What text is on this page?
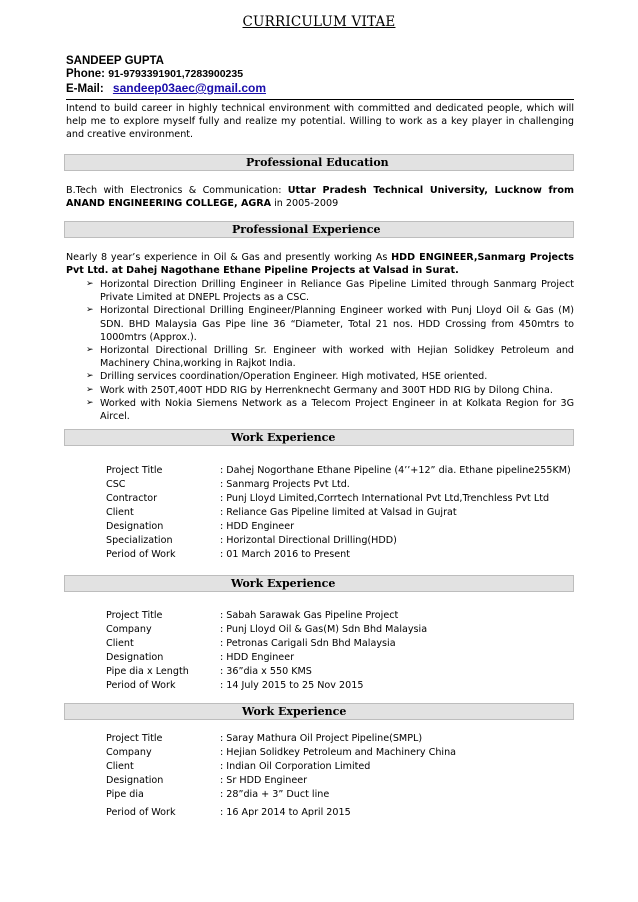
CURRICULUM VITAE
SANDEEP GUPTA
Phone: 91-9793391901,7283900235
E-Mail: sandeep03aec@gmail.com
Intend to build career in highly technical environment with committed and dedicated people, which will help me to explore myself fully and realize my potential. Willing to work as a key player in challenging and creative environment.
Professional Education
B.Tech with Electronics & Communication: Uttar Pradesh Technical University, Lucknow from ANAND ENGINEERING COLLEGE, AGRA in 2005-2009
Professional Experience
Nearly 8 year’s experience in Oil & Gas and presently working As HDD ENGINEER,Sanmarg Projects Pvt Ltd. at Dahej Nagothane Ethane Pipeline Projects at Valsad in Surat.
➢ Horizontal Direction Drilling Engineer in Reliance Gas Pipeline Limited through Sanmarg Project Private Limited at DNEPL Projects as a CSC.
➢ Horizontal Directional Drilling Engineer/Planning Engineer worked with Punj Lloyd Oil & Gas (M) SDN. BHD Malaysia Gas Pipe line 36 “Diameter, Total 21 nos. HDD Crossing from 450mtrs to 1000mtrs (Approx.).
➢ Horizontal Directional Drilling Sr. Engineer with worked with Hejian Solidkey Petroleum and Machinery China,working in Rajkot India.
➢ Drilling services coordination/Operation Engineer. High motivated, HSE oriented.
➢ Work with 250T,400T HDD RIG by Herrenknecht Germany and 300T HDD RIG by Dilong China.
➢ Worked with Nokia Siemens Network as a Telecom Project Engineer in at Kolkata Region for 3G Aircel.
Work Experience
Project Title	: Dahej Nogorthane Ethane Pipeline (4’’+12” dia. Ethane pipeline255KM)
CSC	: Sanmarg Projects Pvt Ltd.
Contractor	: Punj Lloyd Limited,Corrtech International Pvt Ltd,Trenchless Pvt Ltd
Client	: Reliance Gas Pipeline limited at Valsad in Gujrat
Designation	: HDD Engineer
Specialization	: Horizontal Directional Drilling(HDD)
Period of Work	: 01 March 2016 to Present
Work Experience
Project Title	: Sabah Sarawak Gas Pipeline Project
Company	: Punj Lloyd Oil & Gas(M) Sdn Bhd Malaysia
Client	: Petronas Carigali Sdn Bhd Malaysia
Designation	: HDD Engineer
Pipe dia x Length	: 36”dia x 550 KMS
Period of Work	: 14 July 2015 to 25 Nov 2015
Work Experience
Project Title	: Saray Mathura Oil Project Pipeline(SMPL)
Company	: Hejian Solidkey Petroleum and Machinery China
Client	: Indian Oil Corporation Limited
Designation	: Sr HDD Engineer
Pipe dia	: 28”dia + 3” Duct line
Period of Work	: 16 Apr 2014 to April 2015
